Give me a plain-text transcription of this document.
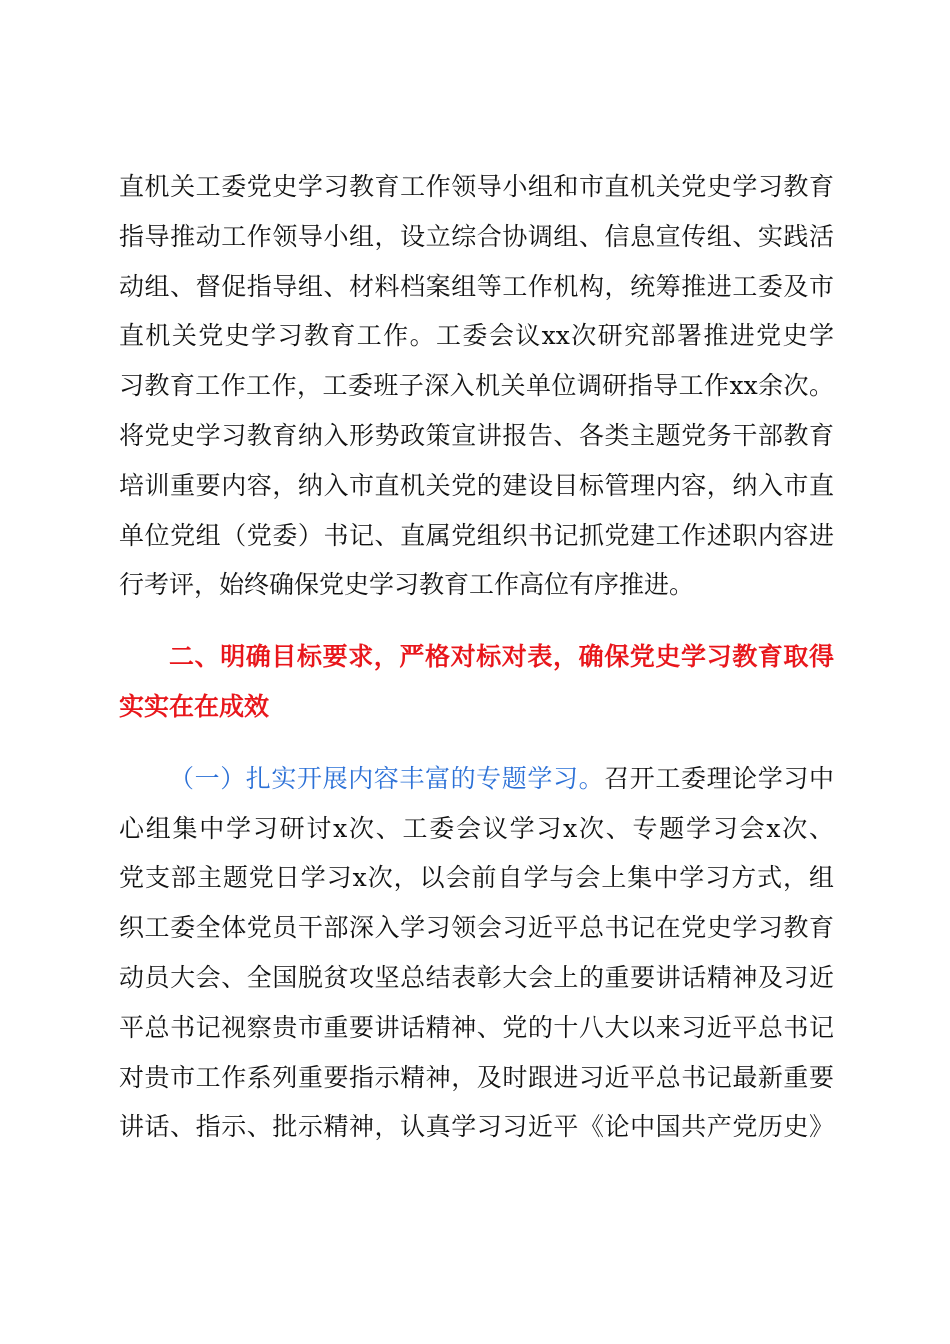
直机关工委党史学习教育工作领导小组和市直机关党史学习教育
指导推动工作领导小组，设立综合协调组、信息宣传组、实践活
动组、督促指导组、材料档案组等工作机构，统筹推进工委及市
直机关党史学习教育工作。工委会议xx次研究部署推进党史学
习教育工作工作，工委班子深入机关单位调研指导工作xx余次。
将党史学习教育纳入形势政策宣讲报告、各类主题党务干部教育
培训重要内容，纳入市直机关党的建设目标管理内容，纳入市直
单位党组（党委）书记、直属党组织书记抓党建工作述职内容进
行考评，始终确保党史学习教育工作高位有序推进。
二、明确目标要求，严格对标对表，确保党史学习教育取得
实实在在成效
（一）扎实开展内容丰富的专题学习。召开工委理论学习中
心组集中学习研讨x次、工委会议学习x次、专题学习会x次、
党支部主题党日学习x次，以会前自学与会上集中学习方式，组
织工委全体党员干部深入学习领会习近平总书记在党史学习教育
动员大会、全国脱贫攻坚总结表彰大会上的重要讲话精神及习近
平总书记视察贵市重要讲话精神、党的十八大以来习近平总书记
对贵市工作系列重要指示精神，及时跟进习近平总书记最新重要
讲话、指示、批示精神，认真学习习近平《论中国共产党历史》
